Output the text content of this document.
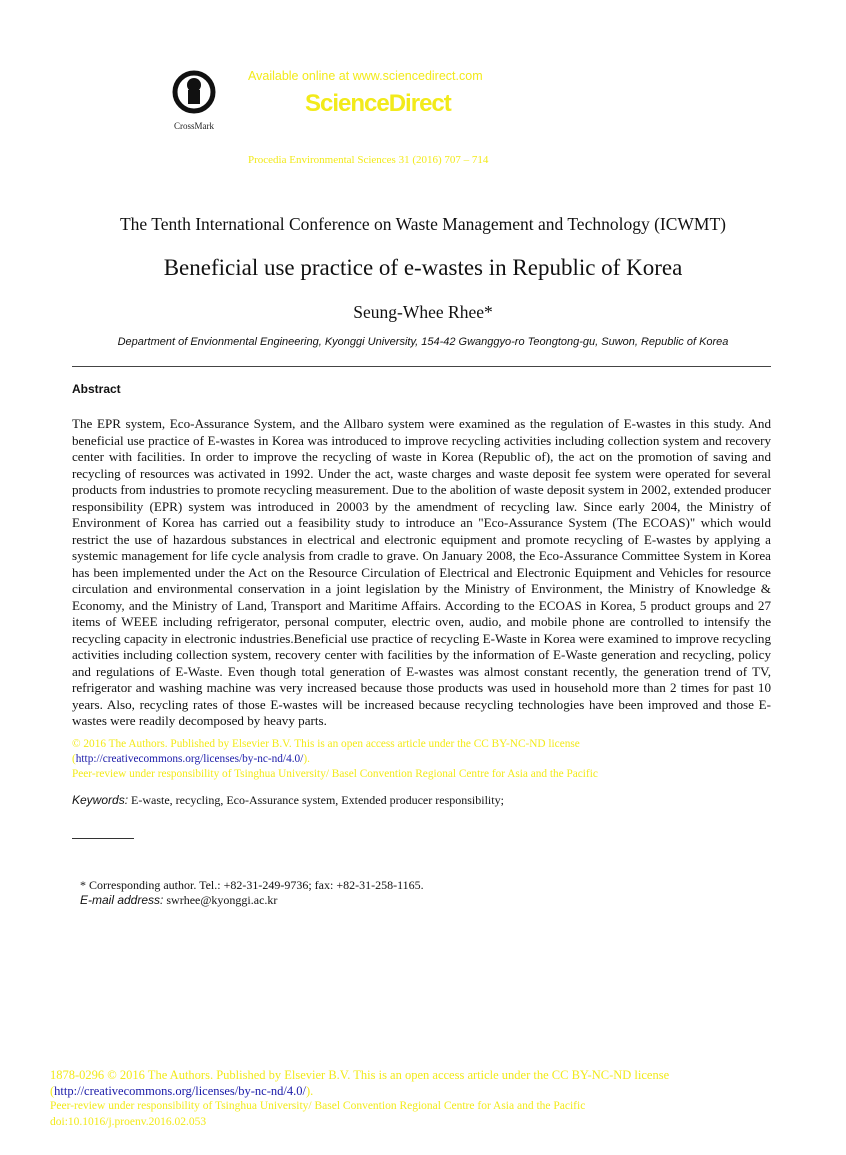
CrossMark
Available online at www.sciencedirect.com
ScienceDirect
Procedia Environmental Sciences 31 (2016) 707 – 714
The Tenth International Conference on Waste Management and Technology (ICWMT)
Beneficial use practice of e-wastes in Republic of Korea
Seung-Whee Rhee*
Department of Envionmental Engineering, Kyonggi University, 154-42 Gwanggyo-ro Teongtong-gu, Suwon, Republic of Korea
Abstract

The EPR system, Eco-Assurance System, and the Allbaro system were examined as the regulation of E-wastes in this study. And beneficial use practice of E-wastes in Korea was introduced to improve recycling activities including collection system and recovery center with facilities. In order to improve the recycling of waste in Korea (Republic of), the act on the promotion of saving and recycling of resources was activated in 1992. Under the act, waste charges and waste deposit fee system were operated for several products from industries to promote recycling measurement. Due to the abolition of waste deposit system in 2002, extended producer responsibility (EPR) system was introduced in 20003 by the amendment of recycling law. Since early 2004, the Ministry of Environment of Korea has carried out a feasibility study to introduce an "Eco-Assurance System (The ECOAS)" which would restrict the use of hazardous substances in electrical and electronic equipment and promote recycling of E-wastes by applying a systemic management for life cycle analysis from cradle to grave. On January 2008, the Eco-Assurance Committee System in Korea has been implemented under the Act on the Resource Circulation of Electrical and Electronic Equipment and Vehicles for resource circulation and environmental conservation in a joint legislation by the Ministry of Environment, the Ministry of Knowledge & Economy, and the Ministry of Land, Transport and Maritime Affairs. According to the ECOAS in Korea, 5 product groups and 27 items of WEEE including refrigerator, personal computer, electric oven, audio, and mobile phone are controlled to intensify the recycling capacity in electronic industries.Beneficial use practice of recycling E-Waste in Korea were examined to improve recycling activities including collection system, recovery center with facilities by the information of E-Waste generation and recycling, policy and regulations of E-Waste. Even though total generation of E-wastes was almost constant recently, the generation trend of TV, refrigerator and washing machine was very increased because those products was used in household more than 2 times for past 10 years. Also, recycling rates of those E-wastes will be increased because recycling technologies have been improved and those E-wastes were readily decomposed by heavy parts.

© 2016 The Authors. Published by Elsevier B.V. This is an open access article under the CC BY-NC-ND license
(http://creativecommons.org/licenses/by-nc-nd/4.0/).
Peer-review under responsibility of Tsinghua University/ Basel Convention Regional Centre for Asia and the Pacific
Keywords: E-waste, recycling, Eco-Assurance system, Extended producer responsibility;
* Corresponding author. Tel.: +82-31-249-9736; fax: +82-31-258-1165.
E-mail address: swrhee@kyonggi.ac.kr
1878-0296 © 2016 The Authors. Published by Elsevier B.V. This is an open access article under the CC BY-NC-ND license
(http://creativecommons.org/licenses/by-nc-nd/4.0/).
Peer-review under responsibility of Tsinghua University/ Basel Convention Regional Centre for Asia and the Pacific
doi:10.1016/j.proenv.2016.02.053
